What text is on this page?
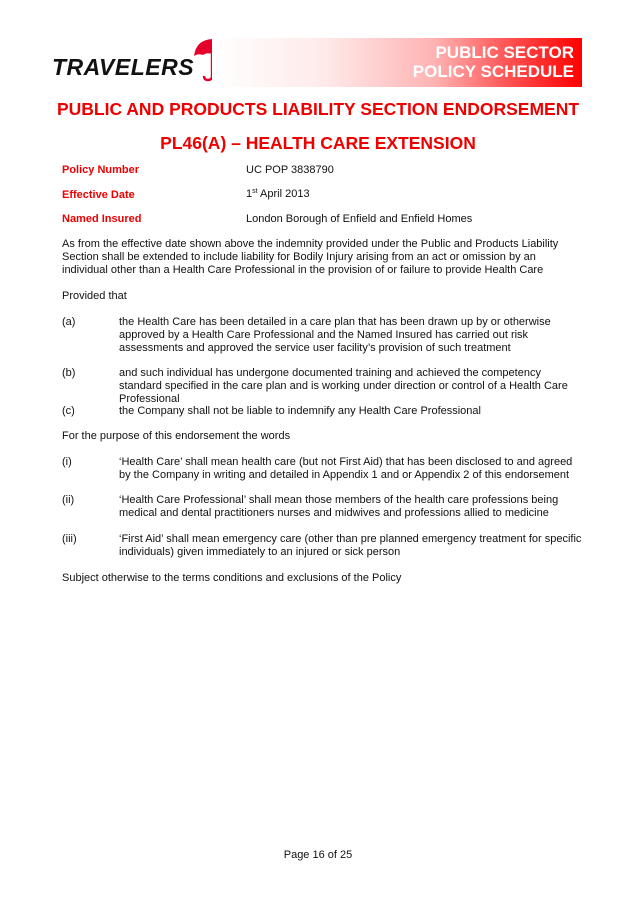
TRAVELERS
PUBLIC SECTOR
POLICY SCHEDULE
PUBLIC AND PRODUCTS LIABILITY SECTION ENDORSEMENT
PL46(A) – HEALTH CARE EXTENSION
Policy Number	UC POP 3838790
Effective Date	1st April 2013
Named Insured	London Borough of Enfield and Enfield Homes
As from the effective date shown above the indemnity provided under the Public and Products Liability Section shall be extended to include liability for Bodily Injury arising from an act or omission by an individual other than a Health Care Professional in the provision of or failure to provide Health Care
Provided that
(a)	the Health Care has been detailed in a care plan that has been drawn up by or otherwise approved by a Health Care Professional and the Named Insured has carried out risk assessments and approved the service user facility’s provision of such treatment
(b)	and such individual has undergone documented training and achieved the competency standard specified in the care plan and is working under direction or control of a Health Care Professional
(c)	the Company shall not be liable to indemnify any Health Care Professional
For the purpose of this endorsement the words
(i)	‘Health Care’ shall mean health care (but not First Aid) that has been disclosed to and agreed by the Company in writing and detailed in Appendix 1 and or Appendix 2 of this endorsement
(ii)	‘Health Care Professional’ shall mean those members of the health care professions being medical and dental practitioners nurses and midwives and professions allied to medicine
(iii)	‘First Aid’ shall mean emergency care (other than pre planned emergency treatment for specific individuals) given immediately to an injured or sick person
Subject otherwise to the terms conditions and exclusions of the Policy
Page 16 of 25
